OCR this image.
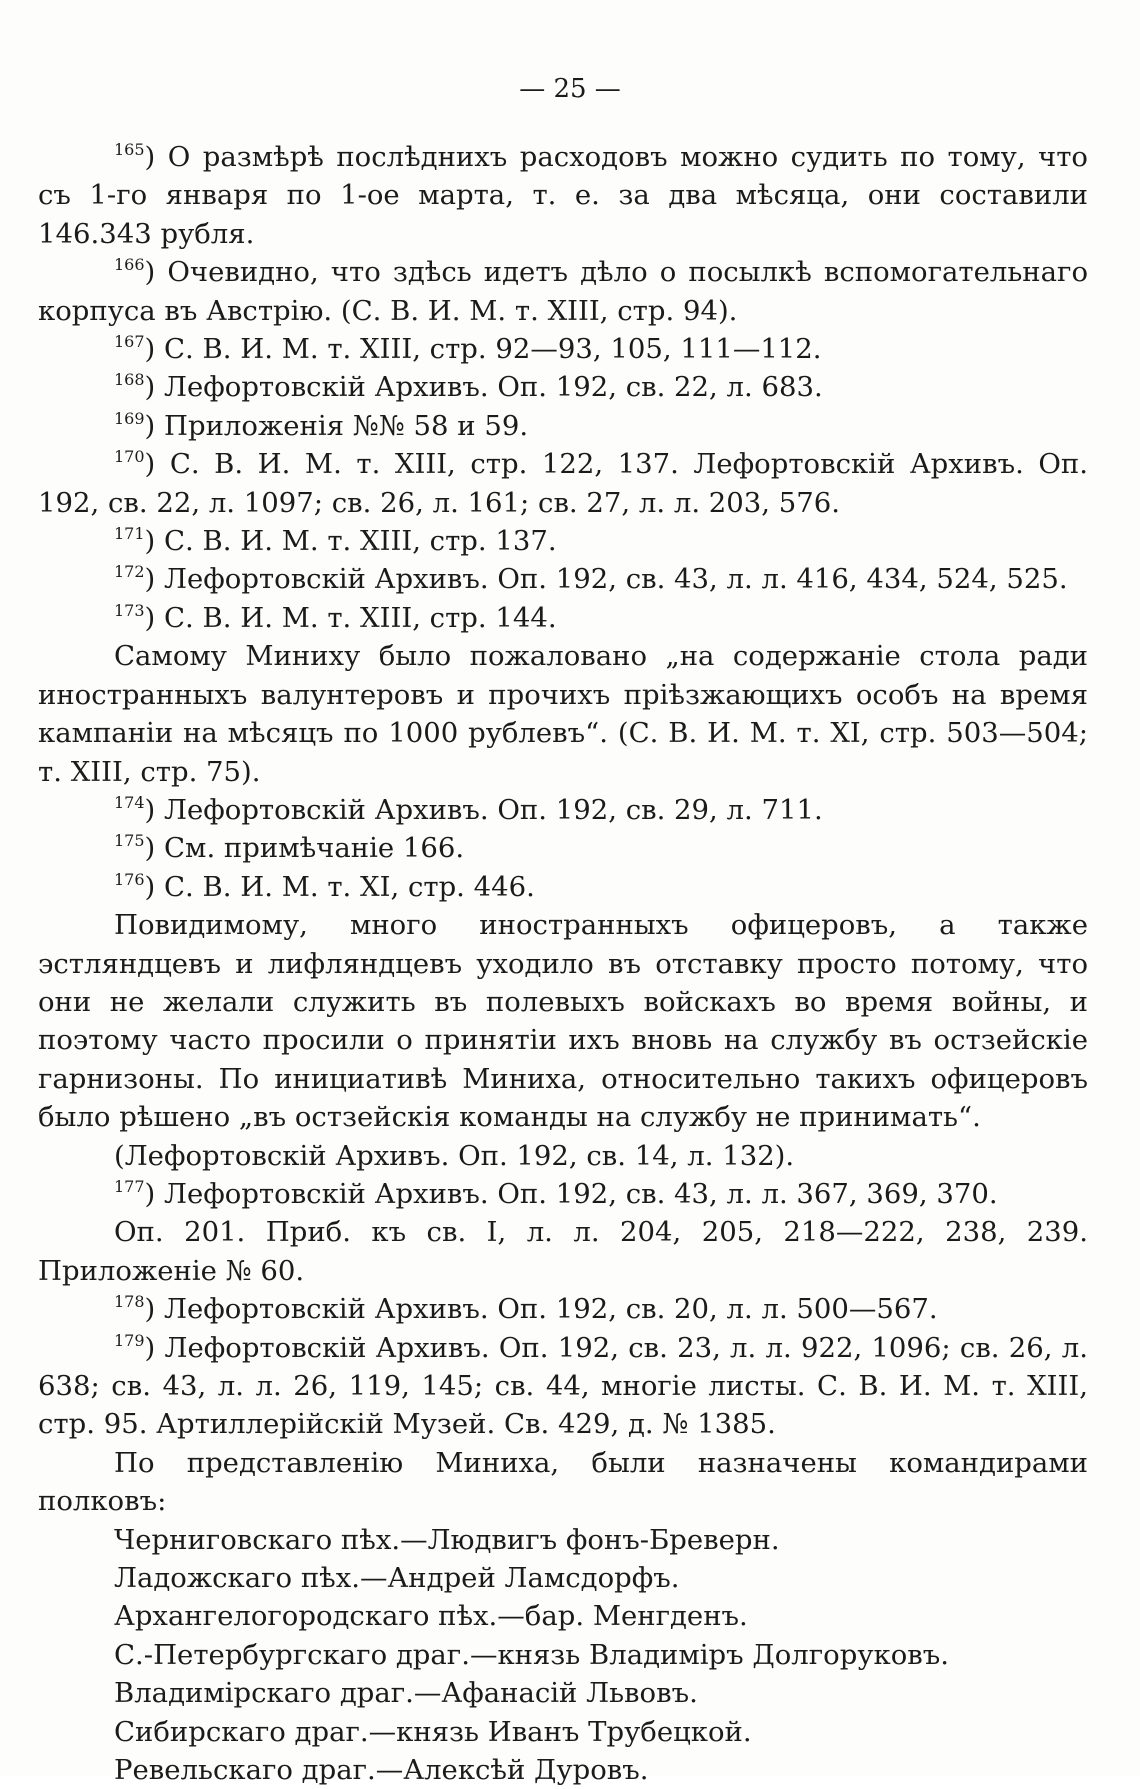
— 25 —

$^{165}$) О размѣрѣ послѣднихъ расходовъ можно судить по тому, что съ 1-го января по 1-ое марта, т. е. за два мѣсяца, они составили 146.343 рубля.

$^{166}$) Очевидно, что здѣсь идетъ дѣло о посылкѣ вспомогательнаго корпуса въ Австрію. (С. В. И. М. т. XIII, стр. 94).

$^{167}$) С. В. И. М. т. XIII, стр. 92—93, 105, 111—112.

$^{168}$) Лефортовскій Архивъ. Оп. 192, св. 22, л. 683.

$^{169}$) Приложенія №№ 58 и 59.

$^{170}$) С. В. И. М. т. XIII, стр. 122, 137. Лефортовскій Архивъ. Оп. 192, св. 22, л. 1097; св. 26, л. 161; св. 27, л. л. 203, 576.

$^{171}$) С. В. И. М. т. XIII, стр. 137.

$^{172}$) Лефортовскій Архивъ. Оп. 192, св. 43, л. л. 416, 434, 524, 525.

$^{173}$) С. В. И. М. т. XIII, стр. 144.

Самому Миниху было пожаловано „на содержаніе стола ради иностранныхъ валунтеровъ и прочихъ пріѣзжающихъ особъ на время кампаніи на мѣсяцъ по 1000 рублевъ“. (С. В. И. М. т. XI, стр. 503—504; т. XIII, стр. 75).

$^{174}$) Лефортовскій Архивъ. Оп. 192, св. 29, л. 711.

$^{175}$) См. примѣчаніе 166.

$^{176}$) С. В. И. М. т. XI, стр. 446.

Повидимому, много иностранныхъ офицеровъ, а также эстляндцевъ и лифляндцевъ уходило въ отставку просто потому, что они не желали служить въ полевыхъ войскахъ во время войны, и поэтому часто просили о принятіи ихъ вновь на службу въ остзейскіе гарнизоны. По инициативѣ Миниха, относительно такихъ офицеровъ было рѣшено „въ остзейскія команды на службу не принимать“.

(Лефортовскій Архивъ. Оп. 192, св. 14, л. 132).

$^{177}$) Лефортовскій Архивъ. Оп. 192, св. 43, л. л. 367, 369, 370.

Оп. 201. Приб. къ св. I, л. л. 204, 205, 218—222, 238, 239. Приложеніе № 60.

$^{178}$) Лефортовскій Архивъ. Оп. 192, св. 20, л. л. 500—567.

$^{179}$) Лефортовскій Архивъ. Оп. 192, св. 23, л. л. 922, 1096; св. 26, л. 638; св. 43, л. л. 26, 119, 145; св. 44, многіе листы. С. В. И. М. т. XIII, стр. 95. Артиллерійскій Музей. Св. 429, д. № 1385.

По представленію Миниха, были назначены командирами полковъ:

Черниговскаго пѣх.—Людвигъ фонъ-Бреверн.

Ладожскаго пѣх.—Андрей Ламсдорфъ.

Архангелогородскаго пѣх.—бар. Менгденъ.

С.-Петербургскаго драг.—князь Владиміръ Долгоруковъ.

Владимірскаго драг.—Афанасій Львовъ.

Сибирскаго драг.—князь Иванъ Трубецкой.

Ревельскаго драг.—Алексѣй Дуровъ.
